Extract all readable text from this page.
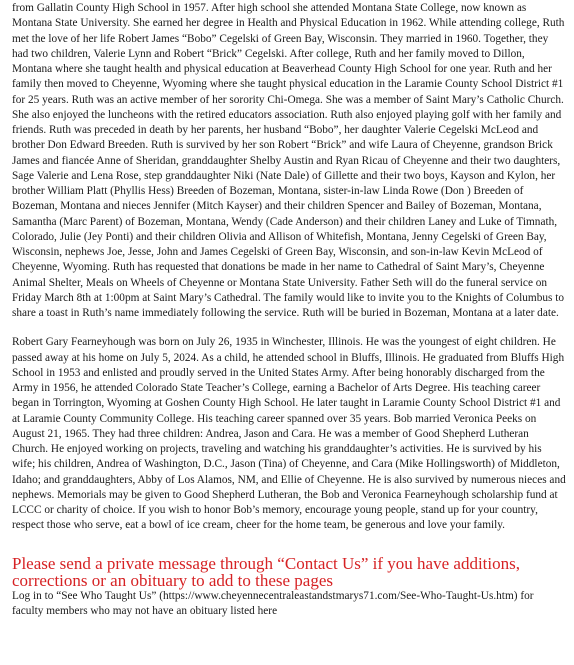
from Gallatin County High School in 1957. After high school she attended Montana State College, now known as Montana State University. She earned her degree in Health and Physical Education in 1962. While attending college, Ruth met the love of her life Robert James “Bobo” Cegelski of Green Bay, Wisconsin. They married in 1960. Together, they had two children, Valerie Lynn and Robert “Brick” Cegelski. After college, Ruth and her family moved to Dillon, Montana where she taught health and physical education at Beaverhead County High School for one year. Ruth and her family then moved to Cheyenne, Wyoming where she taught physical education in the Laramie County School District #1 for 25 years. Ruth was an active member of her sorority Chi-Omega. She was a member of Saint Mary’s Catholic Church. She also enjoyed the luncheons with the retired educators association. Ruth also enjoyed playing golf with her family and friends. Ruth was preceded in death by her parents, her husband “Bobo”, her daughter Valerie Cegelski McLeod and brother Don Edward Breeden. Ruth is survived by her son Robert “Brick” and wife Laura of Cheyenne, grandson Brick James and fiancée Anne of Sheridan, granddaughter Shelby Austin and Ryan Ricau of Cheyenne and their two daughters, Sage Valerie and Lena Rose, step granddaughter Niki (Nate Dale) of Gillette and their two boys, Kayson and Kylon, her brother William Platt (Phyllis Hess) Breeden of Bozeman, Montana, sister-in-law Linda Rowe (Don ) Breeden of Bozeman, Montana and nieces Jennifer (Mitch Kayser) and their children Spencer and Bailey of Bozeman, Montana, Samantha (Marc Parent) of Bozeman, Montana, Wendy (Cade Anderson) and their children Laney and Luke of Timnath, Colorado, Julie (Jey Ponti) and their children Olivia and Allison of Whitefish, Montana, Jenny Cegelski of Green Bay, Wisconsin, nephews Joe, Jesse, John and James Cegelski of Green Bay, Wisconsin, and son-in-law Kevin McLeod of Cheyenne, Wyoming. Ruth has requested that donations be made in her name to Cathedral of Saint Mary’s, Cheyenne Animal Shelter, Meals on Wheels of Cheyenne or Montana State University. Father Seth will do the funeral service on Friday March 8th at 1:00pm at Saint Mary’s Cathedral. The family would like to invite you to the Knights of Columbus to share a toast in Ruth’s name immediately following the service. Ruth will be buried in Bozeman, Montana at a later date.

Robert Gary Fearneyhough was born on July 26, 1935 in Winchester, Illinois. He was the youngest of eight children. He passed away at his home on July 5, 2024. As a child, he attended school in Bluffs, Illinois. He graduated from Bluffs High School in 1953 and enlisted and proudly served in the United States Army. After being honorably discharged from the Army in 1956, he attended Colorado State Teacher’s College, earning a Bachelor of Arts Degree. His teaching career began in Torrington, Wyoming at Goshen County High School. He later taught in Laramie County School District #1 and at Laramie County Community College. His teaching career spanned over 35 years. Bob married Veronica Peeks on August 21, 1965. They had three children: Andrea, Jason and Cara. He was a member of Good Shepherd Lutheran Church. He enjoyed working on projects, traveling and watching his granddaughter’s activities. He is survived by his wife; his children, Andrea of Washington, D.C., Jason (Tina) of Cheyenne, and Cara (Mike Hollingsworth) of Middleton, Idaho; and granddaughters, Abby of Los Alamos, NM, and Ellie of Cheyenne. He is also survived by numerous nieces and nephews. Memorials may be given to Good Shepherd Lutheran, the Bob and Veronica Fearneyhough scholarship fund at LCCC or charity of choice. If you wish to honor Bob’s memory, encourage young people, stand up for your country, respect those who serve, eat a bowl of ice cream, cheer for the home team, be generous and love your family.

Please send a private message through “Contact Us” if you have additions, corrections or an obituary to add to these pages

Log in to “See Who Taught Us” (https://www.cheyennecentraleastandstmarys71.com/See-Who-Taught-Us.htm) for faculty members who may not have an obituary listed here
